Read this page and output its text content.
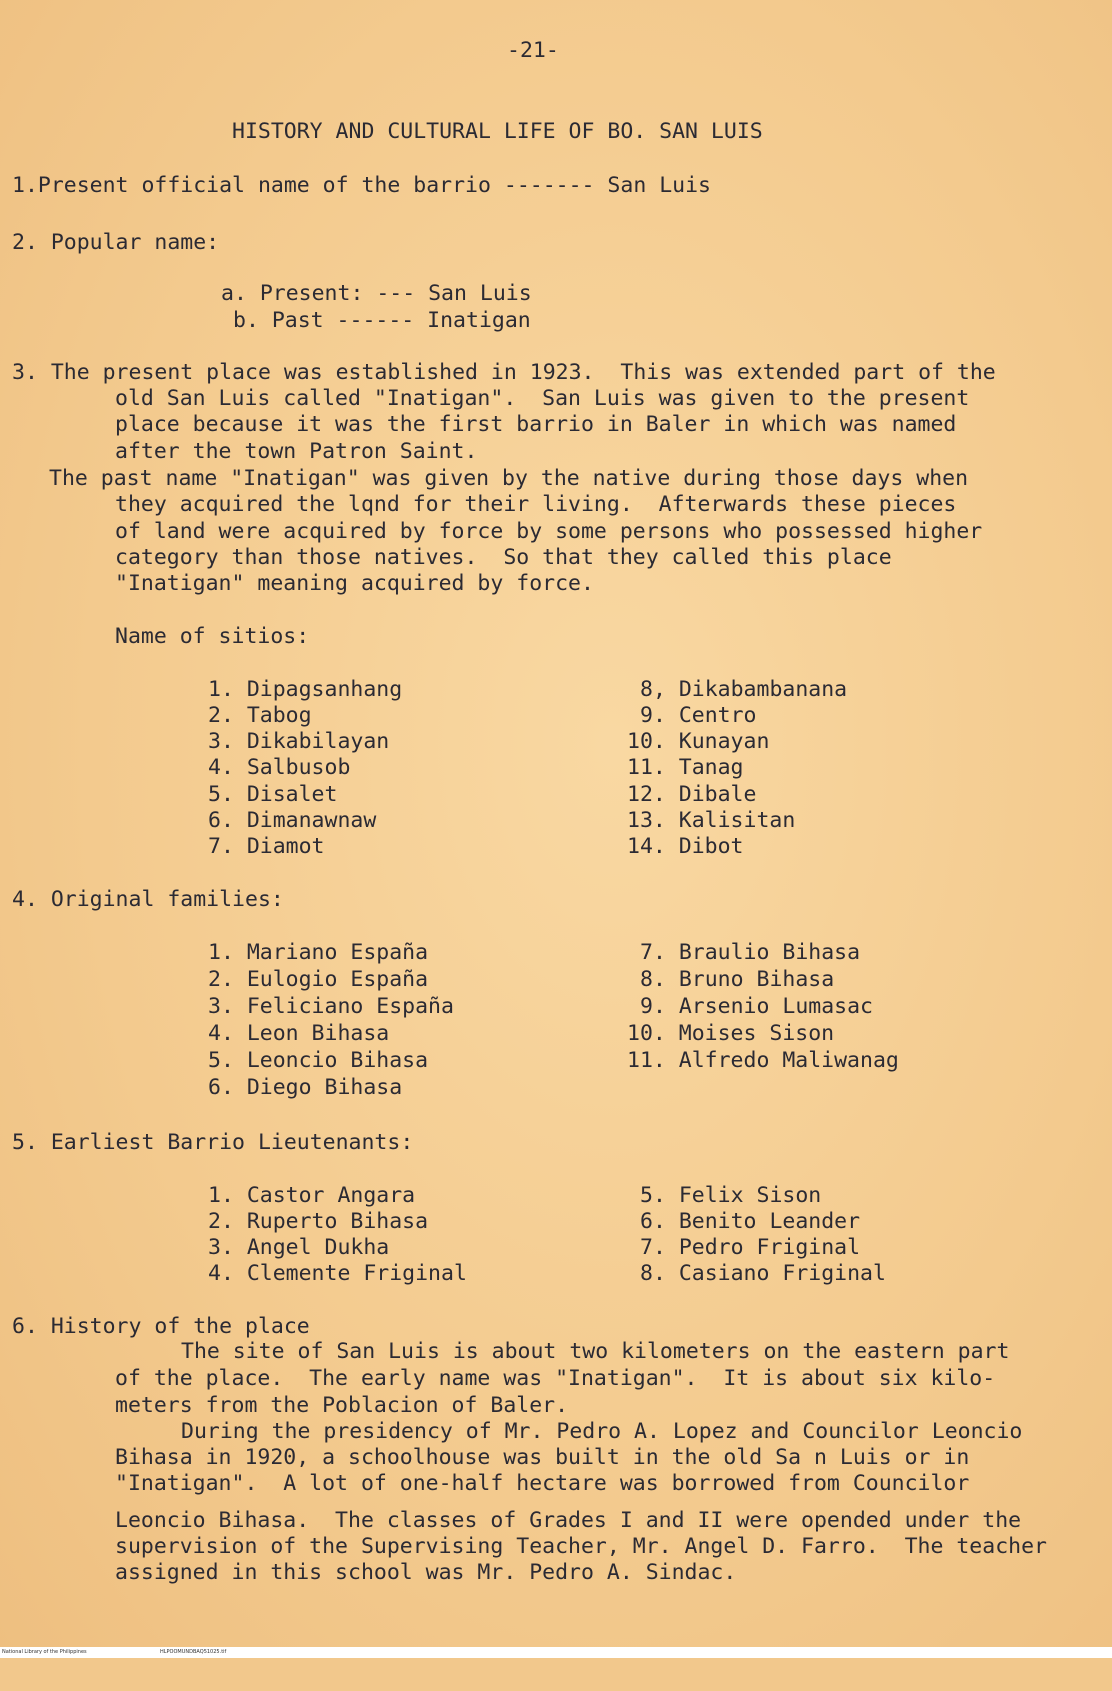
-21-
HISTORY AND CULTURAL LIFE OF BO. SAN LUIS
1.Present official name of the barrio ------- San Luis
2. Popular name:
a. Present: --- San Luis
b. Past ------ Inatigan
3. The present place was established in 1923.  This was extended part of the
old San Luis called "Inatigan".  San Luis was given to the present
place because it was the first barrio in Baler in which was named
after the town Patron Saint.
The past name "Inatigan" was given by the native during those days when
they acquired the lqnd for their living.  Afterwards these pieces
of land were acquired by force by some persons who possessed higher
category than those natives.  So that they called this place
"Inatigan" meaning acquired by force.
Name of sitios:
1. Dipagsanhang
2. Tabog
3. Dikabilayan
4. Salbusob
5. Disalet
6. Dimanawnaw
7. Diamot
8, Dikabambanana
9. Centro
10. Kunayan
11. Tanag
12. Dibale
13. Kalisitan
14. Dibot
4. Original families:
1. Mariano España
2. Eulogio España
3. Feliciano España
4. Leon Bihasa
5. Leoncio Bihasa
6. Diego Bihasa
7. Braulio Bihasa
8. Bruno Bihasa
9. Arsenio Lumasac
10. Moises Sison
11. Alfredo Maliwanag
5. Earliest Barrio Lieutenants:
1. Castor Angara
2. Ruperto Bihasa
3. Angel Dukha
4. Clemente Friginal
5. Felix Sison
6. Benito Leander
7. Pedro Friginal
8. Casiano Friginal
6. History of the place
The site of San Luis is about two kilometers on the eastern part
of the place.  The early name was "Inatigan".  It is about six kilo-
meters from the Poblacion of Baler.
During the presidency of Mr. Pedro A. Lopez and Councilor Leoncio
Bihasa in 1920, a schoolhouse was built in the old Sa n Luis or in
"Inatigan".  A lot of one-half hectare was borrowed from Councilor
Leoncio Bihasa.  The classes of Grades I and II were opended under the
supervision of the Supervising Teacher, Mr. Angel D. Farro.  The teacher
assigned in this school was Mr. Pedro A. Sindac.

National Library of the Philippines

	HLPOOMUNDBAQ51025.tif
